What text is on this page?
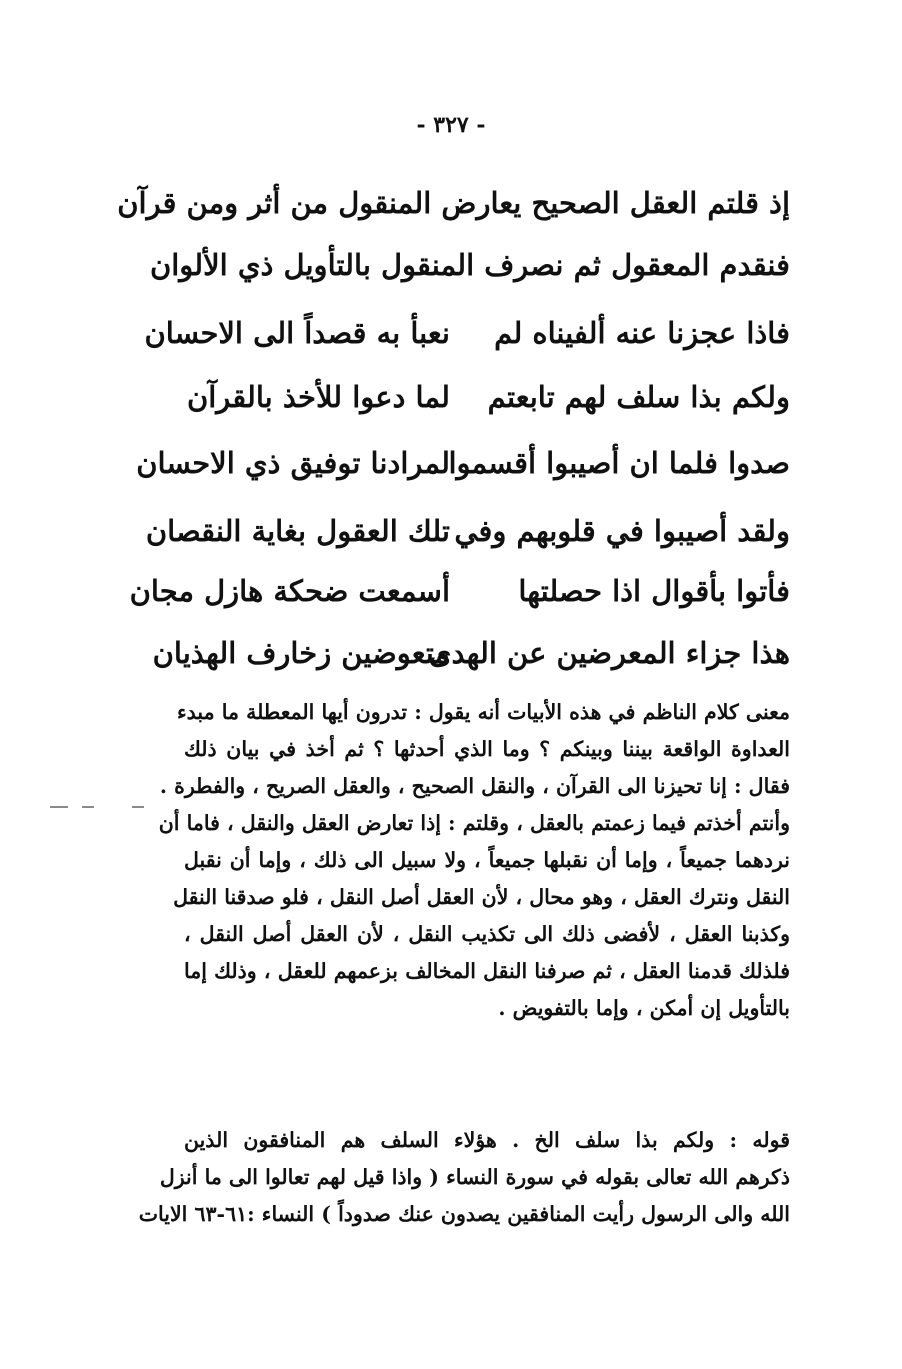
- ٣٢٧ -
إذ قلتم العقل الصحيح يعارض المنقول من أثر ومن قرآن
فنقدم المعقول ثم نصرف المنقول بالتأويل ذي الألوان
فاذا عجزنا عنه ألفيناه لم
نعبأ به قصداً الى الاحسان
ولكم بذا سلف لهم تابعتم
لما دعوا للأخذ بالقرآن
صدوا فلما ان أصيبوا أقسموا
لمرادنا توفيق ذي الاحسان
ولقد أصيبوا في قلوبهم وفي
تلك العقول بغاية النقصان
فأتوا بأقوال اذا حصلتها
أسمعت ضحكة هازل مجان
هذا جزاء المعرضين عن الهدى
متعوضين زخارف الهذيان
معنى كلام الناظم في هذه الأبيات أنه يقول : تدرون أيها المعطلة ما مبدء
العداوة الواقعة بيننا وبينكم ؟ وما الذي أحدثها ؟ ثم أخذ في بيان ذلك
فقال : إنا تحيزنا الى القرآن ، والنقل الصحيح ، والعقل الصريح ، والفطرة .
وأنتم أخذتم فيما زعمتم بالعقل ، وقلتم : إذا تعارض العقل والنقل ، فاما أن
نردهما جميعاً ، وإما أن نقبلها جميعاً ، ولا سبيل الى ذلك ، وإما أن نقبل
النقل ونترك العقل ، وهو محال ، لأن العقل أصل النقل ، فلو صدقنا النقل
وكذبنا العقل ، لأفضى ذلك الى تكذيب النقل ، لأن العقل أصل النقل ،
فلذلك قدمنا العقل ، ثم صرفنا النقل المخالف بزعمهم للعقل ، وذلك إما
بالتأويل إن أمكن ، وإما بالتفويض .
قوله : ولكم بذا سلف الخ . هؤلاء السلف هم المنافقون الذين
ذكرهم الله تعالى بقوله في سورة النساء ( واذا قيل لهم تعالوا الى ما أنزل
الله والى الرسول رأيت المنافقين يصدون عنك صدوداً ) النساء :٦١-٦٣ الايات
